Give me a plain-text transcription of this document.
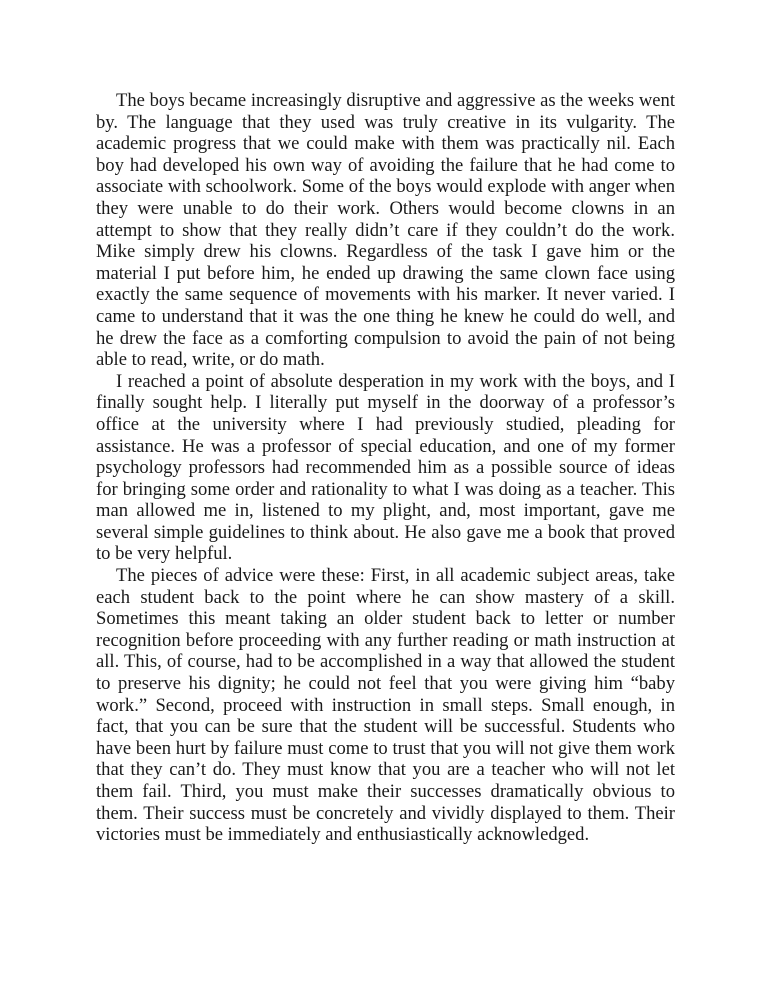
The boys became increasingly disruptive and aggressive as the weeks went by. The language that they used was truly creative in its vulgarity. The academic progress that we could make with them was practically nil. Each boy had developed his own way of avoiding the failure that he had come to associate with schoolwork. Some of the boys would explode with anger when they were unable to do their work. Others would become clowns in an attempt to show that they really didn’t care if they couldn’t do the work. Mike simply drew his clowns. Regardless of the task I gave him or the material I put before him, he ended up drawing the same clown face using exactly the same sequence of movements with his marker. It never varied. I came to understand that it was the one thing he knew he could do well, and he drew the face as a comforting compulsion to avoid the pain of not being able to read, write, or do math.

I reached a point of absolute desperation in my work with the boys, and I finally sought help. I literally put myself in the doorway of a professor’s office at the university where I had previously studied, pleading for assistance. He was a professor of special education, and one of my former psychology professors had recommended him as a possible source of ideas for bringing some order and rationality to what I was doing as a teacher. This man allowed me in, listened to my plight, and, most important, gave me several simple guidelines to think about. He also gave me a book that proved to be very helpful.

The pieces of advice were these: First, in all academic subject areas, take each student back to the point where he can show mastery of a skill. Sometimes this meant taking an older student back to letter or number recognition before proceeding with any further reading or math instruction at all. This, of course, had to be accomplished in a way that allowed the student to preserve his dignity; he could not feel that you were giving him “baby work.” Second, proceed with instruction in small steps. Small enough, in fact, that you can be sure that the student will be successful. Students who have been hurt by failure must come to trust that you will not give them work that they can’t do. They must know that you are a teacher who will not let them fail. Third, you must make their successes dramatically obvious to them. Their success must be concretely and vividly displayed to them. Their victories must be immediately and enthusiastically acknowledged.
